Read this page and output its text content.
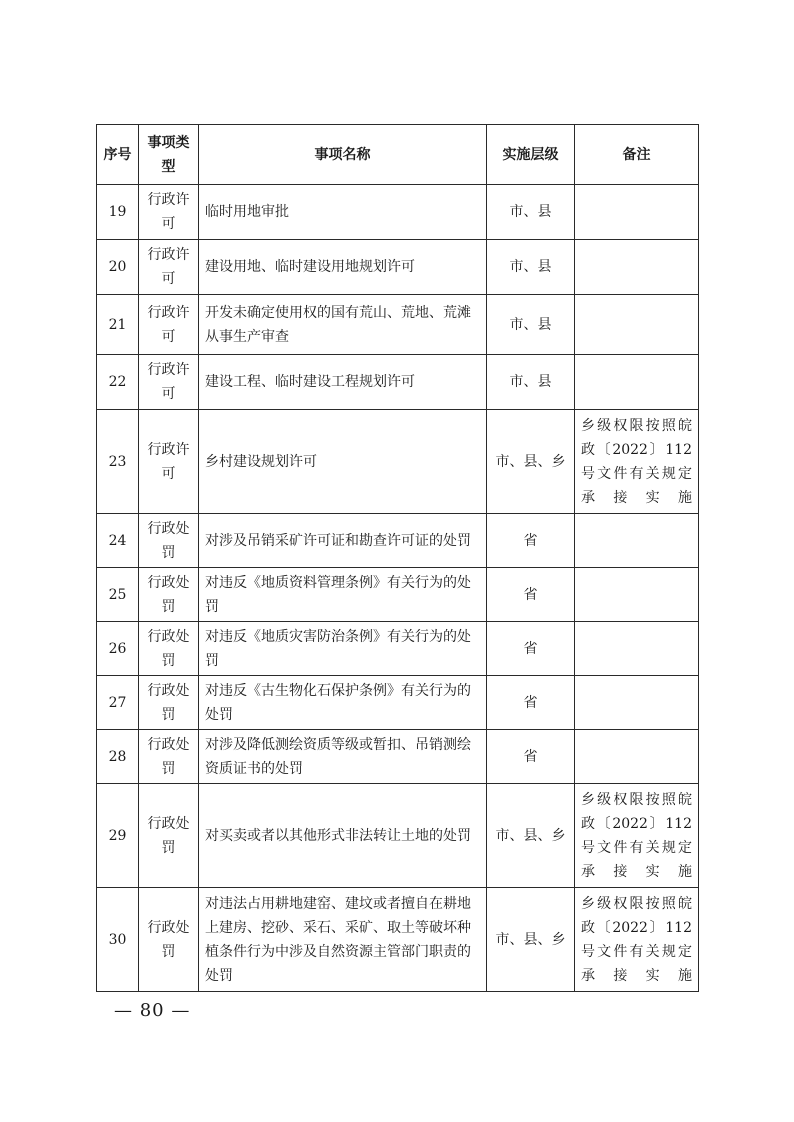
序号	事项类型	事项名称	实施层级	备注
19	行政许可	临时用地审批	市、县	
20	行政许可	建设用地、临时建设用地规划许可	市、县	
21	行政许可	开发未确定使用权的国有荒山、荒地、荒滩从事生产审查	市、县	
22	行政许可	建设工程、临时建设工程规划许可	市、县	
23	行政许可	乡村建设规划许可	市、县、乡	乡级权限按照皖政〔2022〕112号文件有关规定承接实施
24	行政处罚	对涉及吊销采矿许可证和勘查许可证的处罚	省	
25	行政处罚	对违反《地质资料管理条例》有关行为的处罚	省	
26	行政处罚	对违反《地质灾害防治条例》有关行为的处罚	省	
27	行政处罚	对违反《古生物化石保护条例》有关行为的处罚	省	
28	行政处罚	对涉及降低测绘资质等级或暂扣、吊销测绘资质证书的处罚	省	
29	行政处罚	对买卖或者以其他形式非法转让土地的处罚	市、县、乡	乡级权限按照皖政〔2022〕112号文件有关规定承接实施
30	行政处罚	对违法占用耕地建窑、建坟或者擅自在耕地上建房、挖砂、采石、采矿、取土等破坏种植条件行为中涉及自然资源主管部门职责的处罚	市、县、乡	乡级权限按照皖政〔2022〕112号文件有关规定承接实施
— 80 —
